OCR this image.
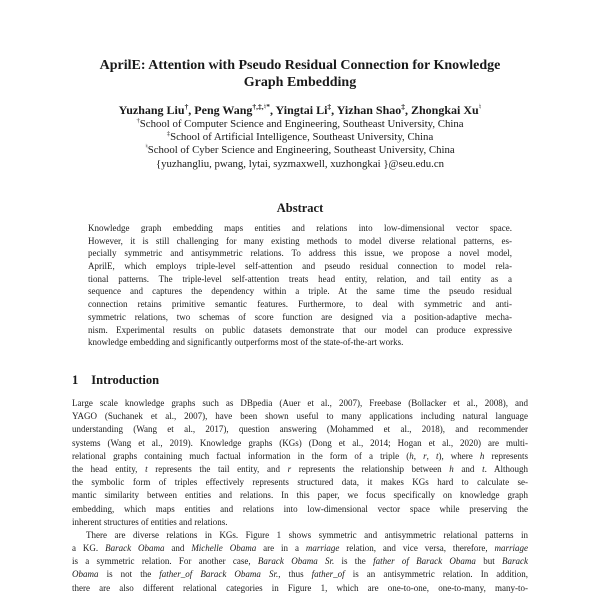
AprilE: Attention with Pseudo Residual Connection for Knowledge
Graph Embedding
Yuzhang Liu†, Peng Wang†,‡,♮*, Yingtai Li‡, Yizhan Shao‡, Zhongkai Xu♮
†School of Computer Science and Engineering, Southeast University, China
‡School of Artificial Intelligence, Southeast University, China
♮School of Cyber Science and Engineering, Southeast University, China
{yuzhangliu, pwang, lytai, syzmaxwell, xuzhongkai }@seu.edu.cn
Abstract
Knowledge graph embedding maps entities and relations into low-dimensional vector space.
However, it is still challenging for many existing methods to model diverse relational patterns, es-
pecially symmetric and antisymmetric relations. To address this issue, we propose a novel model,
AprilE, which employs triple-level self-attention and pseudo residual connection to model rela-
tional patterns. The triple-level self-attention treats head entity, relation, and tail entity as a
sequence and captures the dependency within a triple. At the same time the pseudo residual
connection retains primitive semantic features. Furthermore, to deal with symmetric and anti-
symmetric relations, two schemas of score function are designed via a position-adaptive mecha-
nism. Experimental results on public datasets demonstrate that our model can produce expressive
knowledge embedding and significantly outperforms most of the state-of-the-art works.
1 Introduction
Large scale knowledge graphs such as DBpedia (Auer et al., 2007), Freebase (Bollacker et al., 2008), and
YAGO (Suchanek et al., 2007), have been shown useful to many applications including natural language
understanding (Wang et al., 2017), question answering (Mohammed et al., 2018), and recommender
systems (Wang et al., 2019). Knowledge graphs (KGs) (Dong et al., 2014; Hogan et al., 2020) are multi-
relational graphs containing much factual information in the form of a triple (h, r, t), where h represents
the head entity, t represents the tail entity, and r represents the relationship between h and t. Although
the symbolic form of triples effectively represents structured data, it makes KGs hard to calculate se-
mantic similarity between entities and relations. In this paper, we focus specifically on knowledge graph
embedding, which maps entities and relations into low-dimensional vector space while preserving the
inherent structures of entities and relations.
There are diverse relations in KGs. Figure 1 shows symmetric and antisymmetric relational patterns in
a KG. Barack Obama and Michelle Obama are in a marriage relation, and vice versa, therefore, marriage
is a symmetric relation. For another case, Barack Obama Sr. is the father of Barack Obama but Barack
Obama is not the father_of Barack Obama Sr., thus father_of is an antisymmetric relation. In addition,
there are also different relational categories in Figure 1, which are one-to-one, one-to-many, many-to-
